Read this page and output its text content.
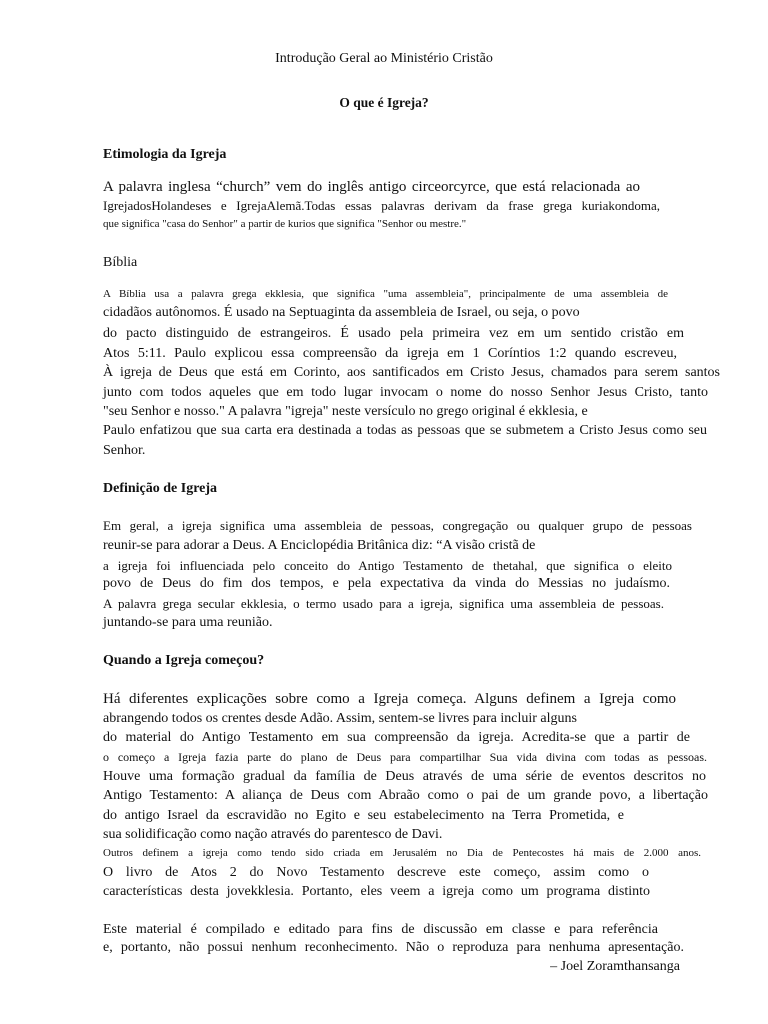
Introdução Geral ao Ministério Cristão
O que é Igreja?
Etimologia da Igreja
A palavra inglesa “church” vem do inglês antigo circeorcyrce, que está relacionada ao
IgrejadosHolandeses e IgrejaAlemã.Todas essas palavras derivam da frase grega kuriakondoma,
que significa "casa do Senhor" a partir de kurios que significa "Senhor ou mestre."
Bíblia
A Bíblia usa a palavra grega ekklesia, que significa "uma assembleia", principalmente de uma assembleia de
cidadãos autônomos. É usado na Septuaginta da assembleia de Israel, ou seja, o povo
do pacto distinguido de estrangeiros. É usado pela primeira vez em um sentido cristão em
Atos 5:11. Paulo explicou essa compreensão da igreja em 1 Coríntios 1:2 quando escreveu,
À igreja de Deus que está em Corinto, aos santificados em Cristo Jesus, chamados para serem santos
junto com todos aqueles que em todo lugar invocam o nome do nosso Senhor Jesus Cristo, tanto
"seu Senhor e nosso." A palavra "igreja" neste versículo no grego original é ekklesia, e
Paulo enfatizou que sua carta era destinada a todas as pessoas que se submetem a Cristo Jesus como seu
Senhor.
Definição de Igreja
Em geral, a igreja significa uma assembleia de pessoas, congregação ou qualquer grupo de pessoas
reunir-se para adorar a Deus. A Enciclopédia Britânica diz: “A visão cristã de
a igreja foi influenciada pelo conceito do Antigo Testamento de thetahal, que significa o eleito
povo de Deus do fim dos tempos, e pela expectativa da vinda do Messias no judaísmo.
A palavra grega secular ekklesia, o termo usado para a igreja, significa uma assembleia de pessoas.
juntando-se para uma reunião.
Quando a Igreja começou?
Há diferentes explicações sobre como a Igreja começa. Alguns definem a Igreja como
abrangendo todos os crentes desde Adão. Assim, sentem-se livres para incluir alguns
do material do Antigo Testamento em sua compreensão da igreja. Acredita-se que a partir de
o começo a Igreja fazia parte do plano de Deus para compartilhar Sua vida divina com todas as pessoas.
Houve uma formação gradual da família de Deus através de uma série de eventos descritos no
Antigo Testamento: A aliança de Deus com Abraão como o pai de um grande povo, a libertação
do antigo Israel da escravidão no Egito e seu estabelecimento na Terra Prometida, e
sua solidificação como nação através do parentesco de Davi.
Outros definem a igreja como tendo sido criada em Jerusalém no Dia de Pentecostes há mais de 2.000 anos.
O livro de Atos 2 do Novo Testamento descreve este começo, assim como o
características desta jovekklesia. Portanto, eles veem a igreja como um programa distinto
Este material é compilado e editado para fins de discussão em classe e para referência
e, portanto, não possui nenhum reconhecimento. Não o reproduza para nenhuma apresentação.
– Joel Zoramthansanga
